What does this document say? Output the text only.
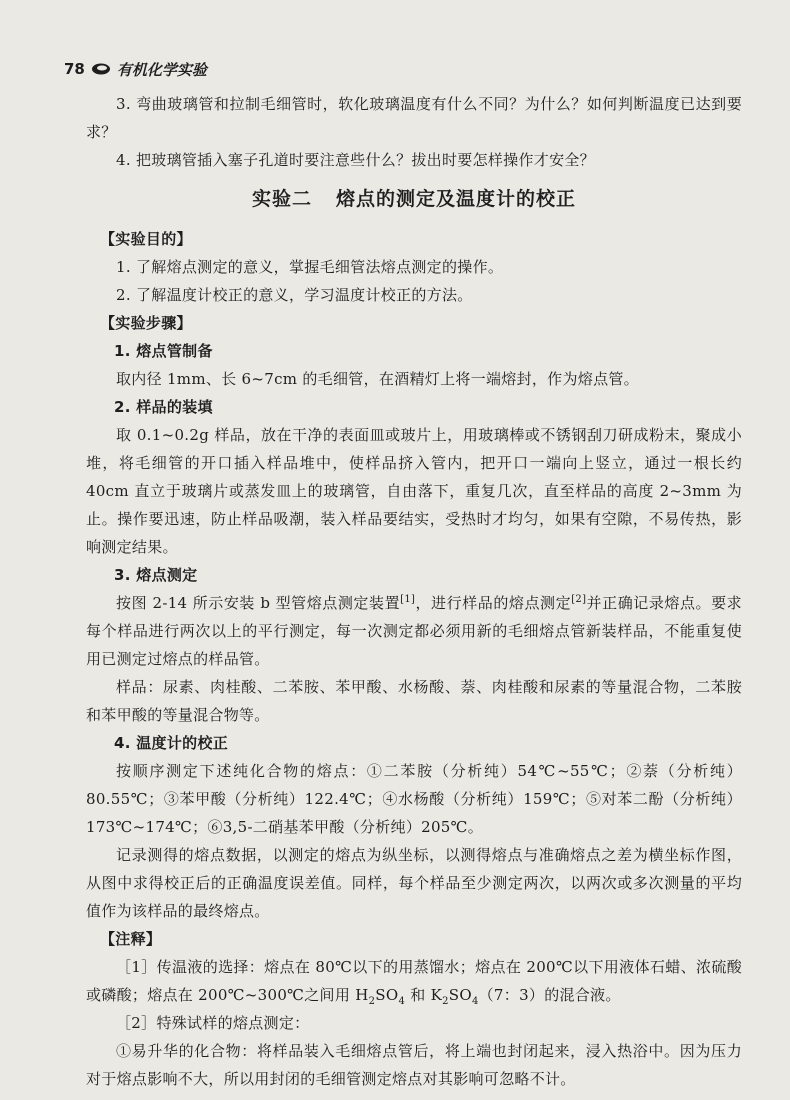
78 有机化学实验

3. 弯曲玻璃管和拉制毛细管时，软化玻璃温度有什么不同？为什么？如何判断温度已达到要求？

4. 把玻璃管插入塞子孔道时要注意些什么？拔出时要怎样操作才安全？

实验二 熔点的测定及温度计的校正

【实验目的】

1. 了解熔点测定的意义，掌握毛细管法熔点测定的操作。

2. 了解温度计校正的意义，学习温度计校正的方法。

【实验步骤】

1. 熔点管制备

取内径 1mm、长 6~7cm 的毛细管，在酒精灯上将一端熔封，作为熔点管。

2. 样品的装填

取 0.1~0.2g 样品，放在干净的表面皿或玻片上，用玻璃棒或不锈钢刮刀研成粉末，聚成小堆，将毛细管的开口插入样品堆中，使样品挤入管内，把开口一端向上竖立，通过一根长约 40cm 直立于玻璃片或蒸发皿上的玻璃管，自由落下，重复几次，直至样品的高度 2~3mm 为止。操作要迅速，防止样品吸潮，装入样品要结实，受热时才均匀，如果有空隙，不易传热，影响测定结果。

3. 熔点测定

按图 2-14 所示安装 b 型管熔点测定装置[1]，进行样品的熔点测定[2]并正确记录熔点。要求每个样品进行两次以上的平行测定，每一次测定都必须用新的毛细熔点管新装样品，不能重复使用已测定过熔点的样品管。

样品：尿素、肉桂酸、二苯胺、苯甲酸、水杨酸、萘、肉桂酸和尿素的等量混合物，二苯胺和苯甲酸的等量混合物等。

4. 温度计的校正

按顺序测定下述纯化合物的熔点：①二苯胺（分析纯）54℃~55℃；②萘（分析纯）80.55℃；③苯甲酸（分析纯）122.4℃；④水杨酸（分析纯）159℃；⑤对苯二酚（分析纯）173℃~174℃；⑥3,5-二硝基苯甲酸（分析纯）205℃。

记录测得的熔点数据，以测定的熔点为纵坐标，以测得熔点与准确熔点之差为横坐标作图，从图中求得校正后的正确温度误差值。同样，每个样品至少测定两次，以两次或多次测量的平均值作为该样品的最终熔点。

【注释】

［1］传温液的选择：熔点在 80℃以下的用蒸馏水；熔点在 200℃以下用液体石蜡、浓硫酸或磷酸；熔点在 200℃~300℃之间用 $H_2SO_4$ 和 $K_2SO_4(7$：3）的混合液。

［2］特殊试样的熔点测定：

①易升华的化合物：将样品装入毛细熔点管后，将上端也封闭起来，浸入热浴中。因为压力对于熔点影响不大，所以用封闭的毛细管测定熔点对其影响可忽略不计。
